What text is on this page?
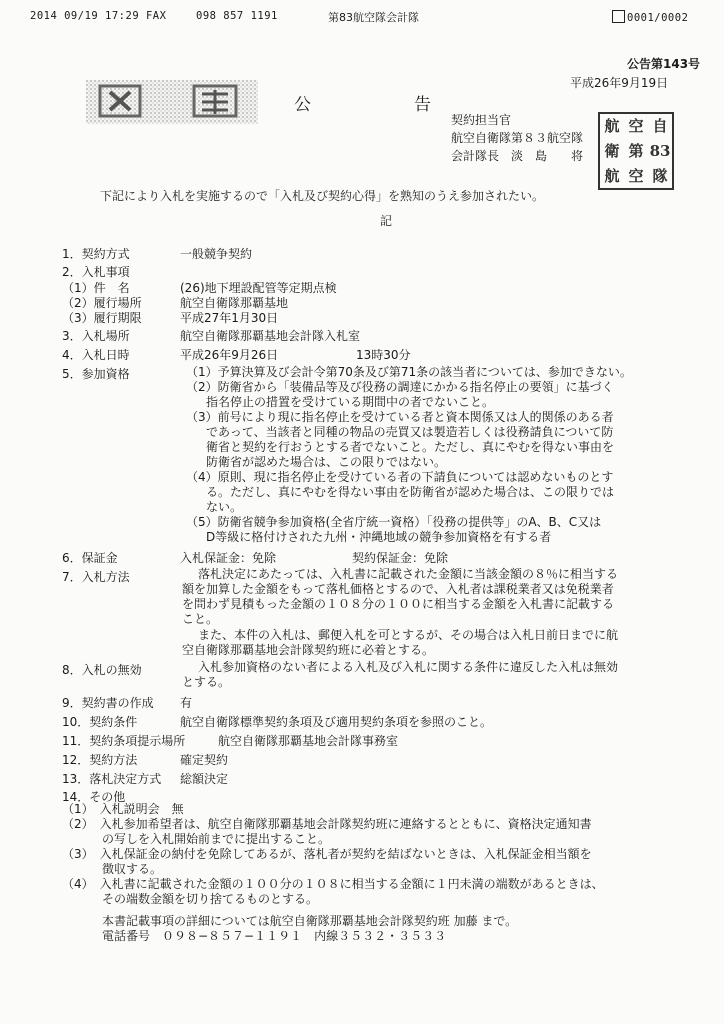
2014 09/19 17:29 FAX	098 857 1191	第83航空隊会計隊	0001/0002
公告第143号
平成26年9月19日
公	告
契約担当官
航空自衛隊第８３航空隊
会計隊長　淡　島　　将
航 空 自
衛 第 83
航 空 隊
下記により入札を実施するので「入札及び契約心得」を熟知のうえ参加されたい。
記
1．契約方式	一般競争契約
2．入札事項
（1）件　名	(26)地下埋設配管等定期点検
（2）履行場所	航空自衛隊那覇基地
（3）履行期限	平成27年1月30日
3．入札場所	航空自衛隊那覇基地会計隊入札室
4．入札日時	平成26年9月26日	13時30分
5．参加資格	（1）予算決算及び会計令第70条及び第71条の該当者については、参加できない。
（2）防衛省から「装備品等及び役務の調達にかかる指名停止の要領」に基づく
指名停止の措置を受けている期間中の者でないこと。
（3）前号により現に指名停止を受けている者と資本関係又は人的関係のある者
であって、当該者と同種の物品の売買又は製造若しくは役務請負について防
衛省と契約を行おうとする者でないこと。ただし、真にやむを得ない事由を
防衛省が認めた場合は、この限りではない。
（4）原則、現に指名停止を受けている者の下請負については認めないものとす
る。ただし、真にやむを得ない事由を防衛省が認めた場合は、この限りでは
ない。
（5）防衛省競争参加資格(全省庁統一資格）「役務の提供等」のA、B、C又は
D等級に格付けされた九州・沖縄地域の競争参加資格を有する者
6．保証金	入札保証金：免除	契約保証金：免除
7．入札方法	落札決定にあたっては、入札書に記載された金額に当該金額の８％に相当する
額を加算した金額をもって落札価格とするので、入札者は課税業者又は免税業者
を問わず見積もった金額の１０８分の１００に相当する金額を入札書に記載する
こと。
また、本件の入札は、郵便入札を可とするが、その場合は入札日前日までに航
空自衛隊那覇基地会計隊契約班に必着とする。
8．入札の無効	入札参加資格のない者による入札及び入札に関する条件に違反した入札は無効
とする。
9．契約書の作成 有
10．契約条件	航空自衛隊標準契約条項及び適用契約条項を参照のこと。
11．契約条項提示場所	航空自衛隊那覇基地会計隊事務室
12．契約方法	確定契約
13．落札決定方式 総額決定
14．その他
（1）　入札説明会　無
（2）　入札参加希望者は、航空自衛隊那覇基地会計隊契約班に連絡するとともに、資格決定通知書
の写しを入札開始前までに提出すること。
（3）　入札保証金の納付を免除してあるが、落札者が契約を結ばないときは、入札保証金相当額を
徴収する。
（4）　入札書に記載された金額の１００分の１０８に相当する金額に１円未満の端数があるときは、
その端数金額を切り捨てるものとする。
本書記載事項の詳細については航空自衛隊那覇基地会計隊契約班 加藤 まで。
電話番号　０９８−８５７−１１９１　内線３５３２・３５３３
